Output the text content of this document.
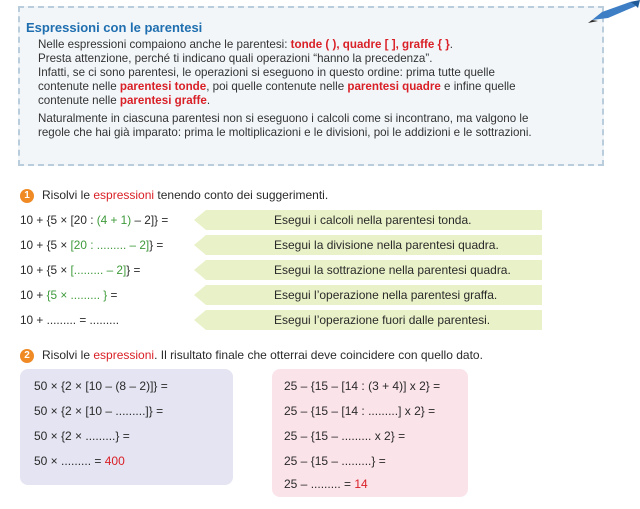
Espressioni con le parentesi
Nelle espressioni compaiono anche le parentesi: tonde ( ), quadre [ ], graffe { }.
Presta attenzione, perché ti indicano quali operazioni “hanno la precedenza”.
Infatti, se ci sono parentesi, le operazioni si eseguono in questo ordine: prima tutte quelle
contenute nelle parentesi tonde, poi quelle contenute nelle parentesi quadre e infine quelle
contenute nelle parentesi graffe.
Naturalmente in ciascuna parentesi non si eseguono i calcoli come si incontrano, ma valgono le
regole che hai già imparato: prima le moltiplicazioni e le divisioni, poi le addizioni e le sottrazioni.
1 Risolvi le espressioni tenendo conto dei suggerimenti.
10 + {5 × [20 : (4 + 1) – 2]} =	Esegui i calcoli nella parentesi tonda.
10 + {5 × [20 : ......... – 2]} =	Esegui la divisione nella parentesi quadra.
10 + {5 × [......... – 2]} =	Esegui la sottrazione nella parentesi quadra.
10 + {5 × ......... } =	Esegui l’operazione nella parentesi graffa.
10 + ......... = .........	Esegui l’operazione fuori dalle parentesi.
2 Risolvi le espressioni. Il risultato finale che otterrai deve coincidere con quello dato.
50 × {2 × [10 – (8 – 2)]} =
50 × {2 × [10 – .........]} =
50 × {2 × .........} =
50 × ......... = 400
25 – {15 – [14 : (3 + 4)] x 2} =
25 – {15 – [14 : .........] x 2} =
25 – {15 – ......... x 2} =
25 – {15 – .........} =
25 – ......... = 14
